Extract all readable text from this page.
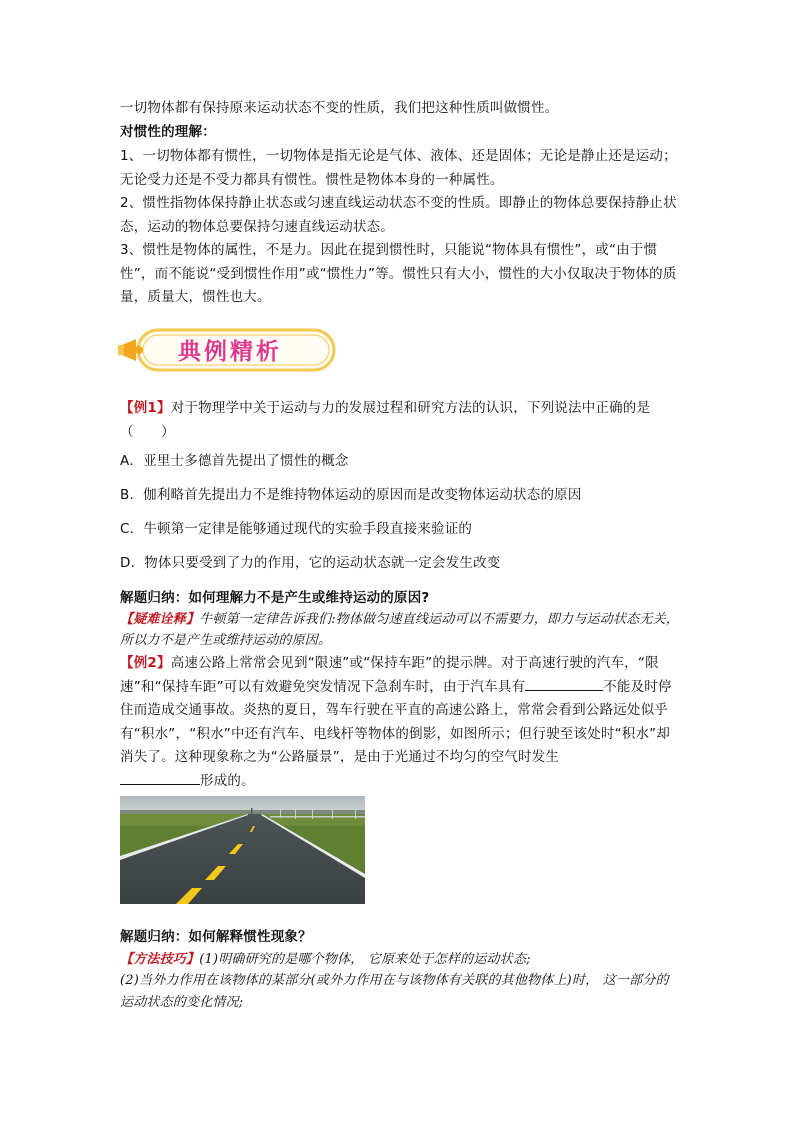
一切物体都有保持原来运动状态不变的性质，我们把这种性质叫做惯性。
对惯性的理解：
1、一切物体都有惯性，一切物体是指无论是气体、液体、还是固体；无论是静止还是运动；无论受力还是不受力都具有惯性。惯性是物体本身的一种属性。
2、惯性指物体保持静止状态或匀速直线运动状态不变的性质。即静止的物体总要保持静止状态，运动的物体总要保持匀速直线运动状态。
3、惯性是物体的属性，不是力。因此在提到惯性时，只能说“物体具有惯性”，或“由于惯性”，而不能说“受到惯性作用”或“惯性力”等。惯性只有大小，惯性的大小仅取决于物体的质量，质量大，惯性也大。
典例精析
【例1】对于物理学中关于运动与力的发展过程和研究方法的认识，下列说法中正确的是（　　）
A．亚里士多德首先提出了惯性的概念
B．伽利略首先提出力不是维持物体运动的原因而是改变物体运动状态的原因
C．牛顿第一定律是能够通过现代的实验手段直接来验证的
D．物体只要受到了力的作用，它的运动状态就一定会发生改变
解题归纳：如何理解力不是产生或维持运动的原因?
【疑难诠释】牛顿第一定律告诉我们:物体做匀速直线运动可以不需要力，即力与运动状态无关，所以力不是产生或维持运动的原因。
【例2】高速公路上常常会见到“限速”或“保持车距”的提示牌。对于高速行驶的汽车，“限速”和“保持车距”可以有效避免突发情况下急刹车时，由于汽车具有	不能及时停住而造成交通事故。炎热的夏日，驾车行驶在平直的高速公路上，常常会看到公路远处似乎有“积水”，“积水”中还有汽车、电线杆等物体的倒影，如图所示；但行驶至该处时“积水”却消失了。这种现象称之为“公路蜃景”，是由于光通过不均匀的空气时发生
形成的。
解题归纳：如何解释惯性现象？
【方法技巧】(1)明确研究的是哪个物体， 它原来处于怎样的运动状态;
(2)当外力作用在该物体的某部分(或外力作用在与该物体有关联的其他物体上)时， 这一部分的运动状态的变化情况;
